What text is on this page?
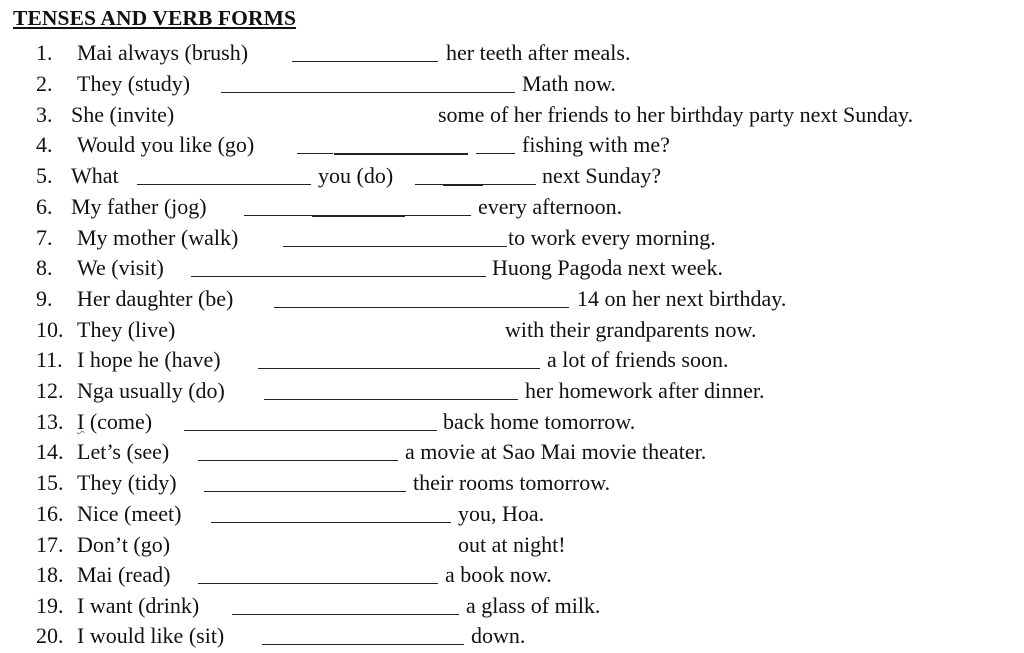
TENSES AND VERB FORMS
1. Mai always (brush)	her teeth after meals.
2. They (study)	Math now.
3. She (invite)	some of her friends to her birthday party next Sunday.
4. Would you like (go)	fishing with me?
5. What	you (do)	next Sunday?
6. My father (jog)	every afternoon.
7. My mother (walk)	to work every morning.
8. We (visit)	Huong Pagoda next week.
9. Her daughter (be)	14 on her next birthday.
10. They (live)	with their grandparents now.
11. I hope he (have)	a lot of friends soon.
12. Nga usually (do)	her homework after dinner.
13. I (come)	back home tomorrow.
14. Let’s (see)	a movie at Sao Mai movie theater.
15. They (tidy)	their rooms tomorrow.
16. Nice (meet)	you, Hoa.
17. Don’t (go)	out at night!
18. Mai (read)	a book now.
19. I want (drink)	a glass of milk.
20. I would like (sit)	down.
